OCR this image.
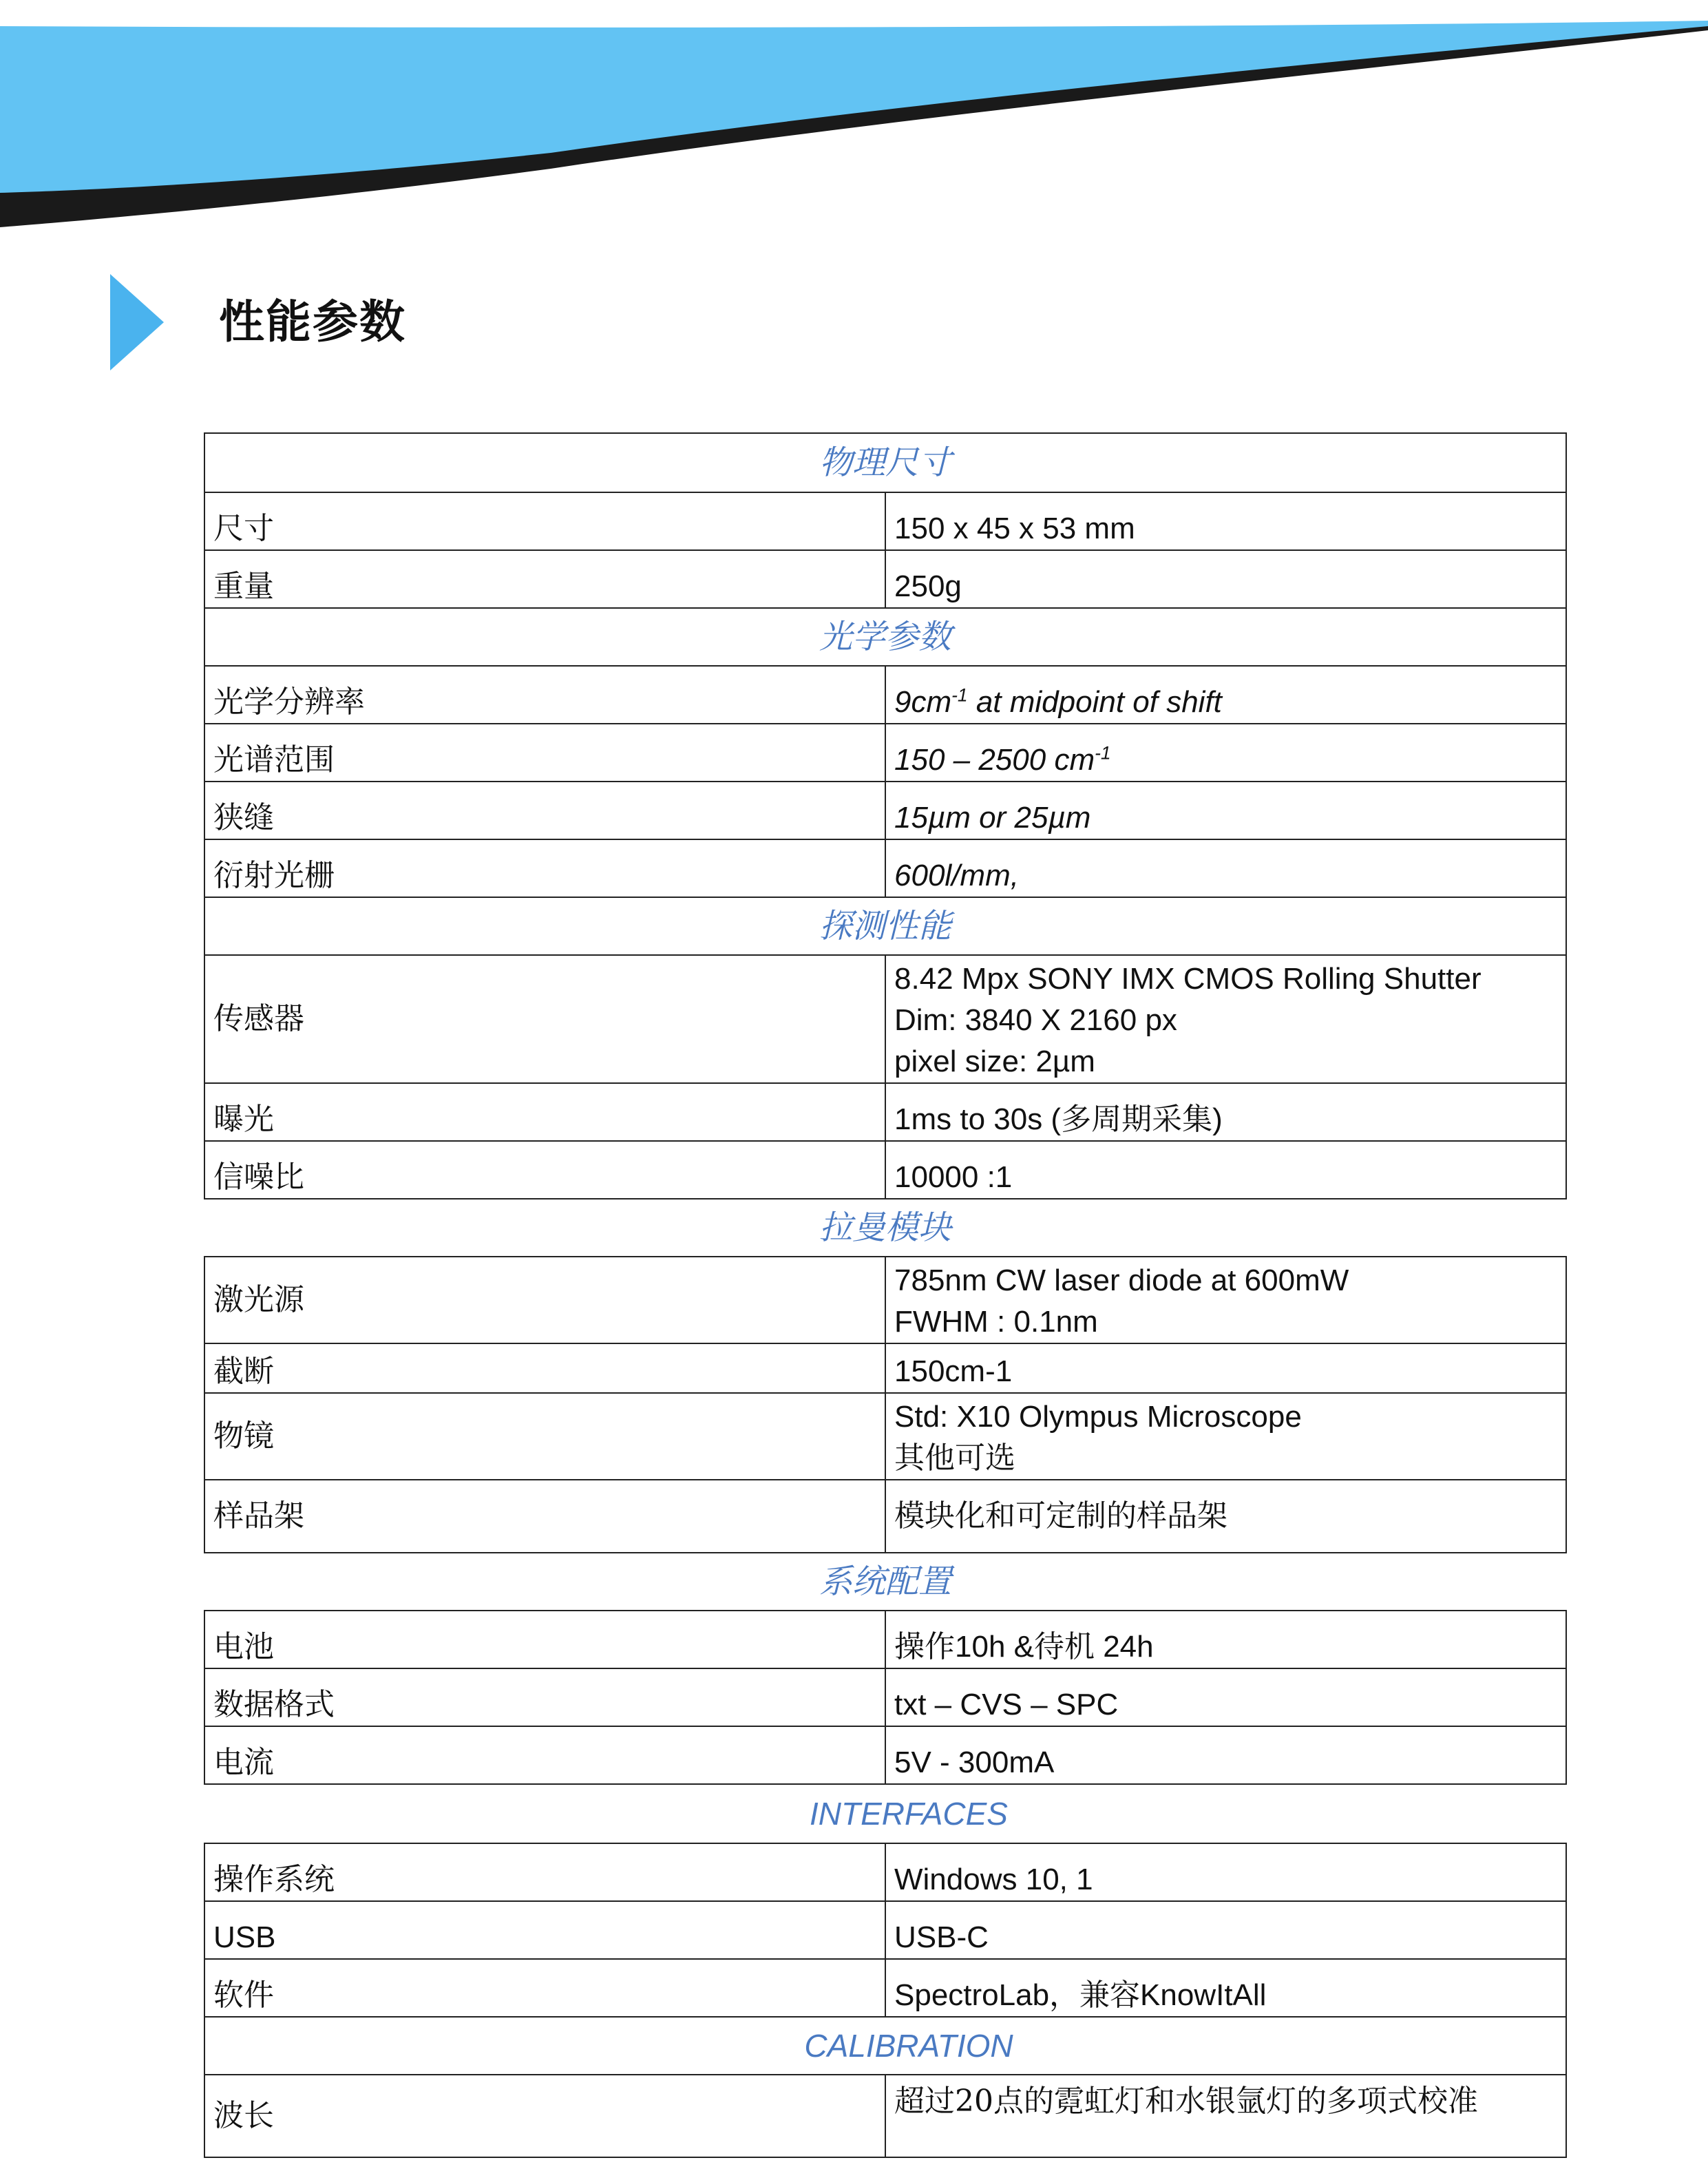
性能参数
物理尺寸	
尺寸	150 x 45 x 53 mm
重量	250g
光学参数	
光学分辨率	$9cm^{-1}$ at midpoint of shift
光谱范围	150 – 2500 $cm^{-1}$
狭缝	15µm or 25µm
衍射光栅	600l/mm,
探测性能	
传感器	8.42 Mpx SONY IMX CMOS Rolling Shutter
Dim: 3840 X 2160 px
pixel size: 2µm

曝光	1ms to 30s (多周期采集)
信噪比	10000 :1
拉曼模块	
激光源	785nm CW laser diode at 600mW
FWHM : 0.1nm

截断	150cm-1
物镜	Std: X10 Olympus Microscope
其他可选

样品架	模块化和可定制的样品架
系统配置	
电池	操作10h &待机 24h
数据格式	txt – CVS – SPC
电流	5V - 300mA
INTERFACES	
操作系统	Windows 10, 1
USB	USB-C
软件	SpectroLab，兼容KnowItAll
CALIBRATION	
波长	超过20点的霓虹灯和水银氩灯的多项式校准
